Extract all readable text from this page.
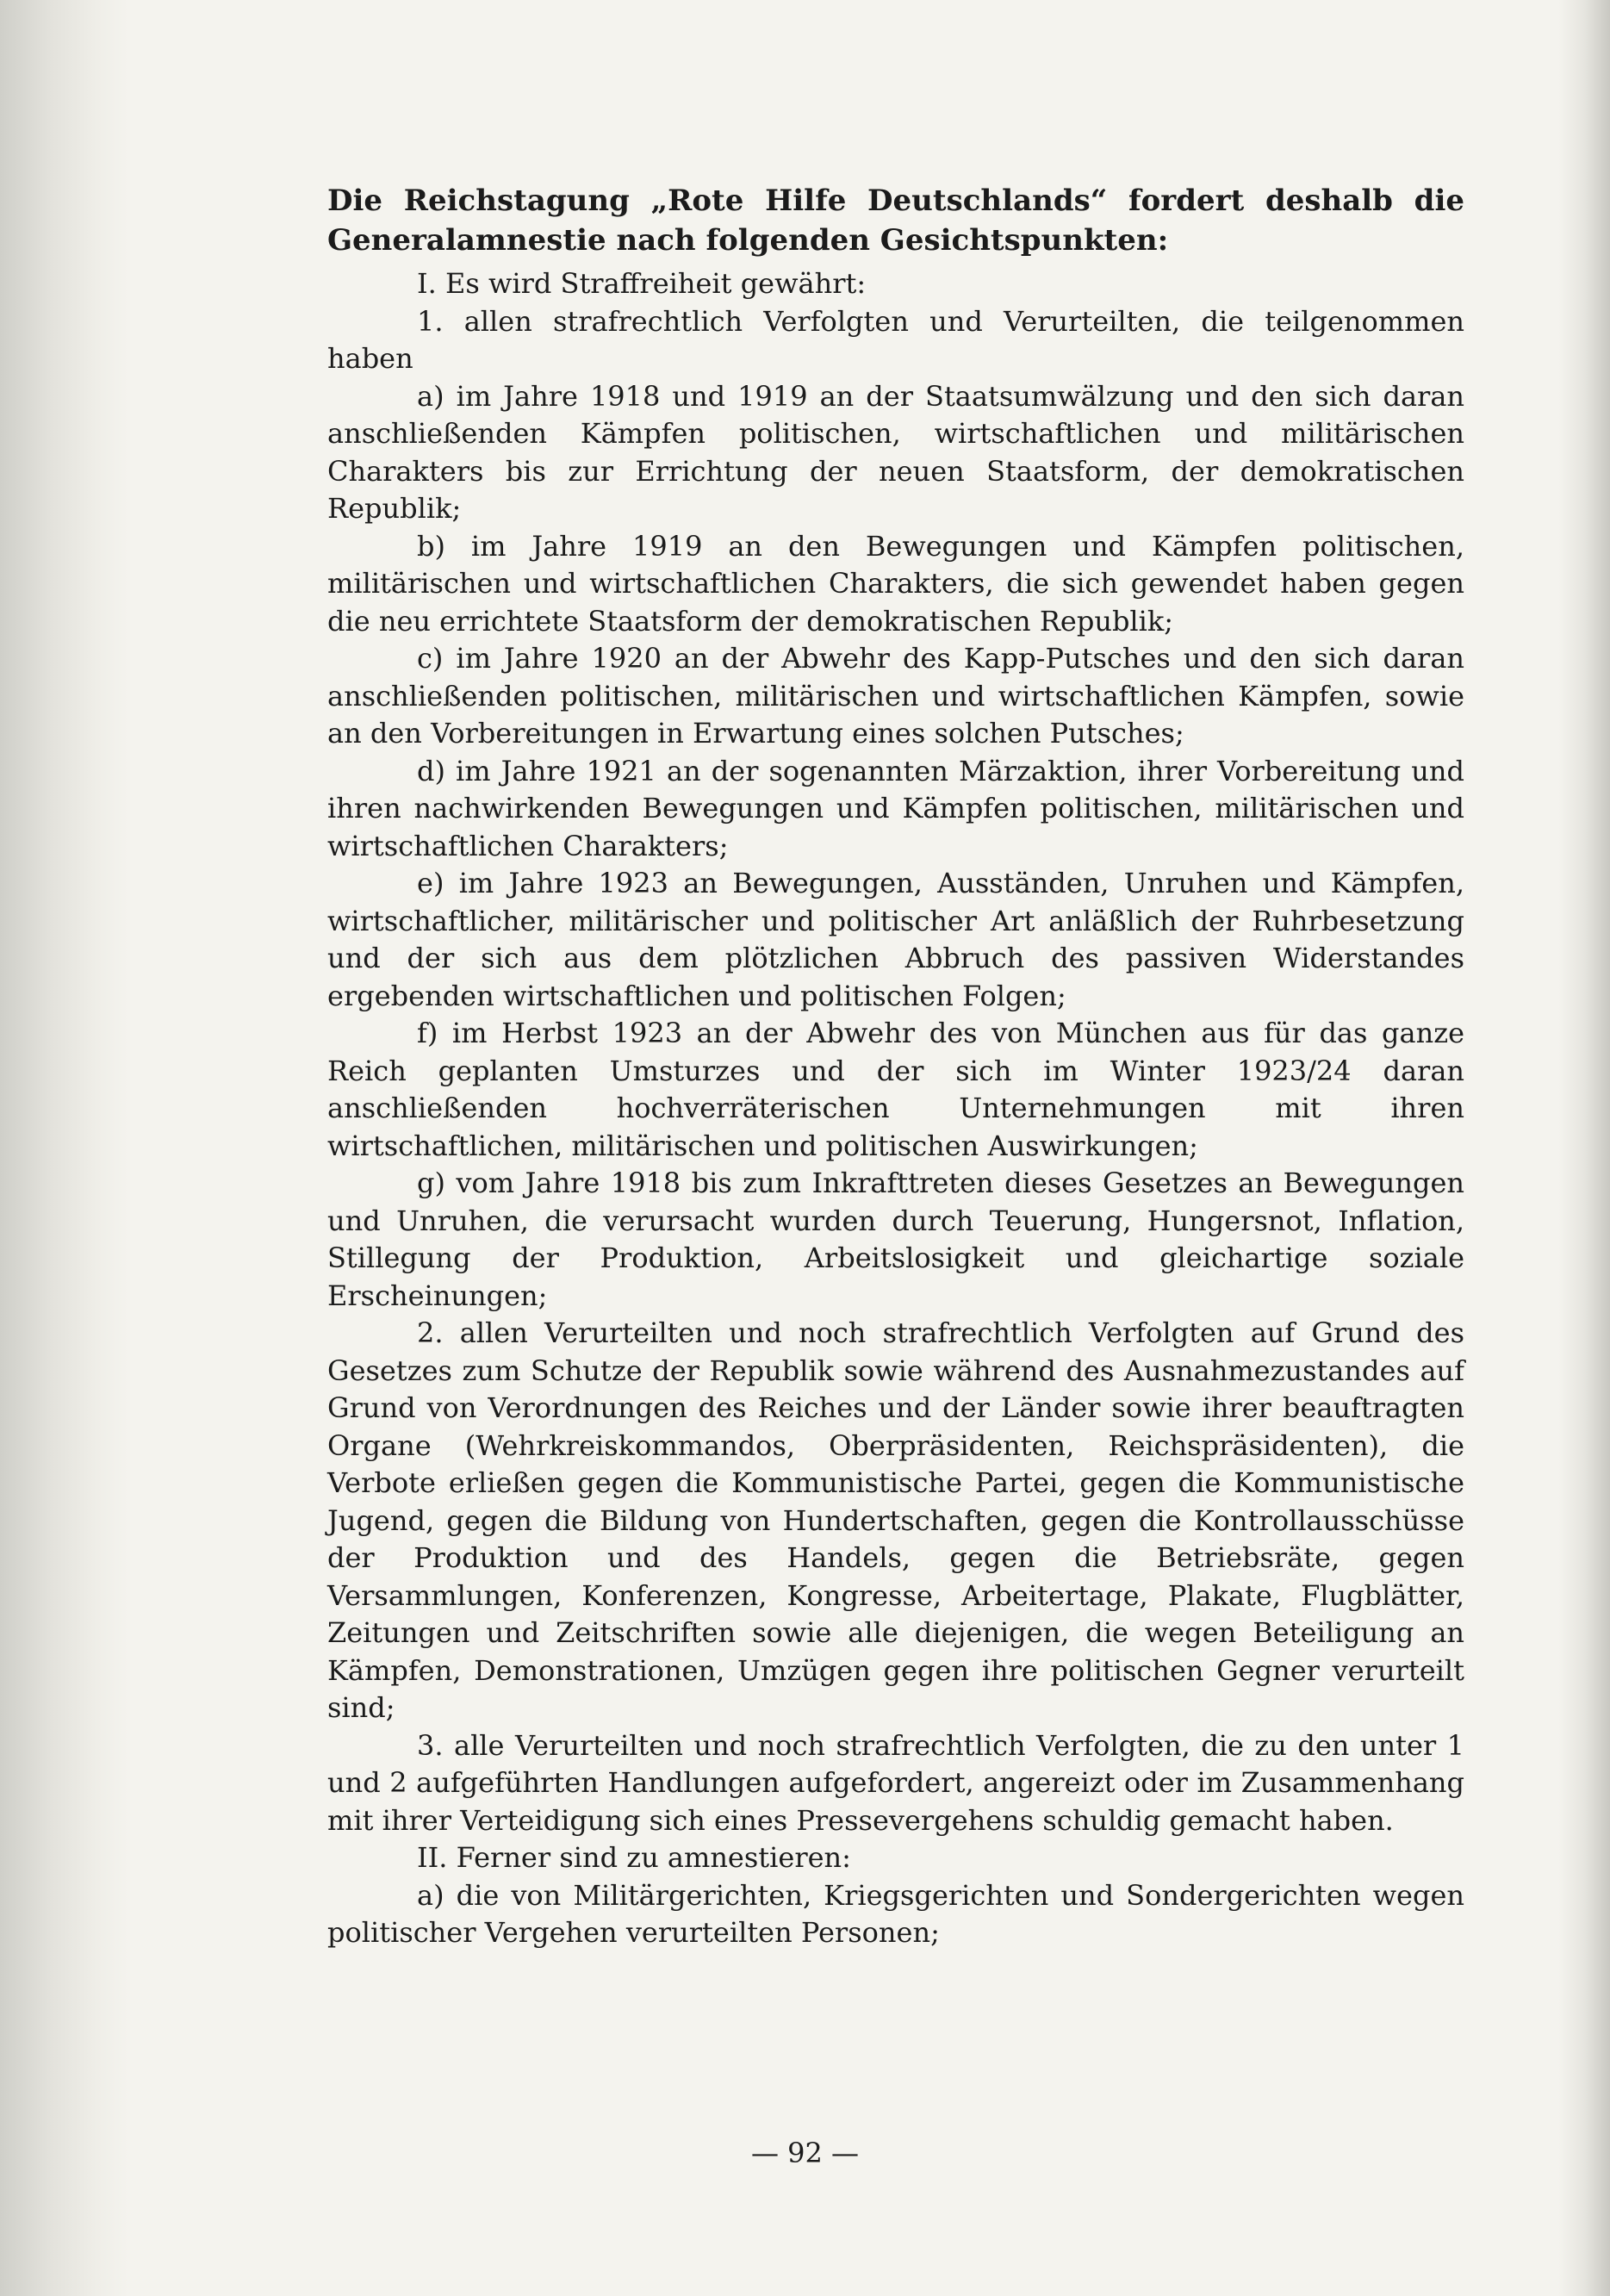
Die Reichstagung „Rote Hilfe Deutschlands“ fordert deshalb die Generalamnestie nach folgenden Gesichtspunkten:

I. Es wird Straffreiheit gewährt:

1. allen strafrechtlich Verfolgten und Verurteilten, die teilgenommen haben

a) im Jahre 1918 und 1919 an der Staatsumwälzung und den sich daran anschließenden Kämpfen politischen, wirtschaftlichen und militärischen Charakters bis zur Errichtung der neuen Staatsform, der demokratischen Republik;

b) im Jahre 1919 an den Bewegungen und Kämpfen politischen, militärischen und wirtschaftlichen Charakters, die sich gewendet haben gegen die neu errichtete Staatsform der demokratischen Republik;

c) im Jahre 1920 an der Abwehr des Kapp-Putsches und den sich daran anschließenden politischen, militärischen und wirtschaftlichen Kämpfen, sowie an den Vorbereitungen in Erwartung eines solchen Putsches;

d) im Jahre 1921 an der sogenannten Märzaktion, ihrer Vorbereitung und ihren nachwirkenden Bewegungen und Kämpfen politischen, militärischen und wirtschaftlichen Charakters;

e) im Jahre 1923 an Bewegungen, Ausständen, Unruhen und Kämpfen, wirtschaftlicher, militärischer und politischer Art anläßlich der Ruhrbesetzung und der sich aus dem plötzlichen Abbruch des passiven Widerstandes ergebenden wirtschaftlichen und politischen Folgen;

f) im Herbst 1923 an der Abwehr des von München aus für das ganze Reich geplanten Umsturzes und der sich im Winter 1923/24 daran anschließenden hochverräterischen Unternehmungen mit ihren wirtschaftlichen, militärischen und politischen Auswirkungen;

g) vom Jahre 1918 bis zum Inkrafttreten dieses Gesetzes an Bewegungen und Unruhen, die verursacht wurden durch Teuerung, Hungersnot, Inflation, Stillegung der Produktion, Arbeitslosigkeit und gleichartige soziale Erscheinungen;

2. allen Verurteilten und noch strafrechtlich Verfolgten auf Grund des Gesetzes zum Schutze der Republik sowie während des Ausnahmezustandes auf Grund von Verordnungen des Reiches und der Länder sowie ihrer beauftragten Organe (Wehrkreiskommandos, Oberpräsidenten, Reichspräsidenten), die Verbote erließen gegen die Kommunistische Partei, gegen die Kommunistische Jugend, gegen die Bildung von Hundertschaften, gegen die Kontrollausschüsse der Produktion und des Handels, gegen die Betriebsräte, gegen Versammlungen, Konferenzen, Kongresse, Arbeitertage, Plakate, Flugblätter, Zeitungen und Zeitschriften sowie alle diejenigen, die wegen Beteiligung an Kämpfen, Demonstrationen, Umzügen gegen ihre politischen Gegner verurteilt sind;

3. alle Verurteilten und noch strafrechtlich Verfolgten, die zu den unter 1 und 2 aufgeführten Handlungen aufgefordert, angereizt oder im Zusammenhang mit ihrer Verteidigung sich eines Pressevergehens schuldig gemacht haben.

II. Ferner sind zu amnestieren:

a) die von Militärgerichten, Kriegsgerichten und Sondergerichten wegen politischer Vergehen verurteilten Personen;

— 92 —
